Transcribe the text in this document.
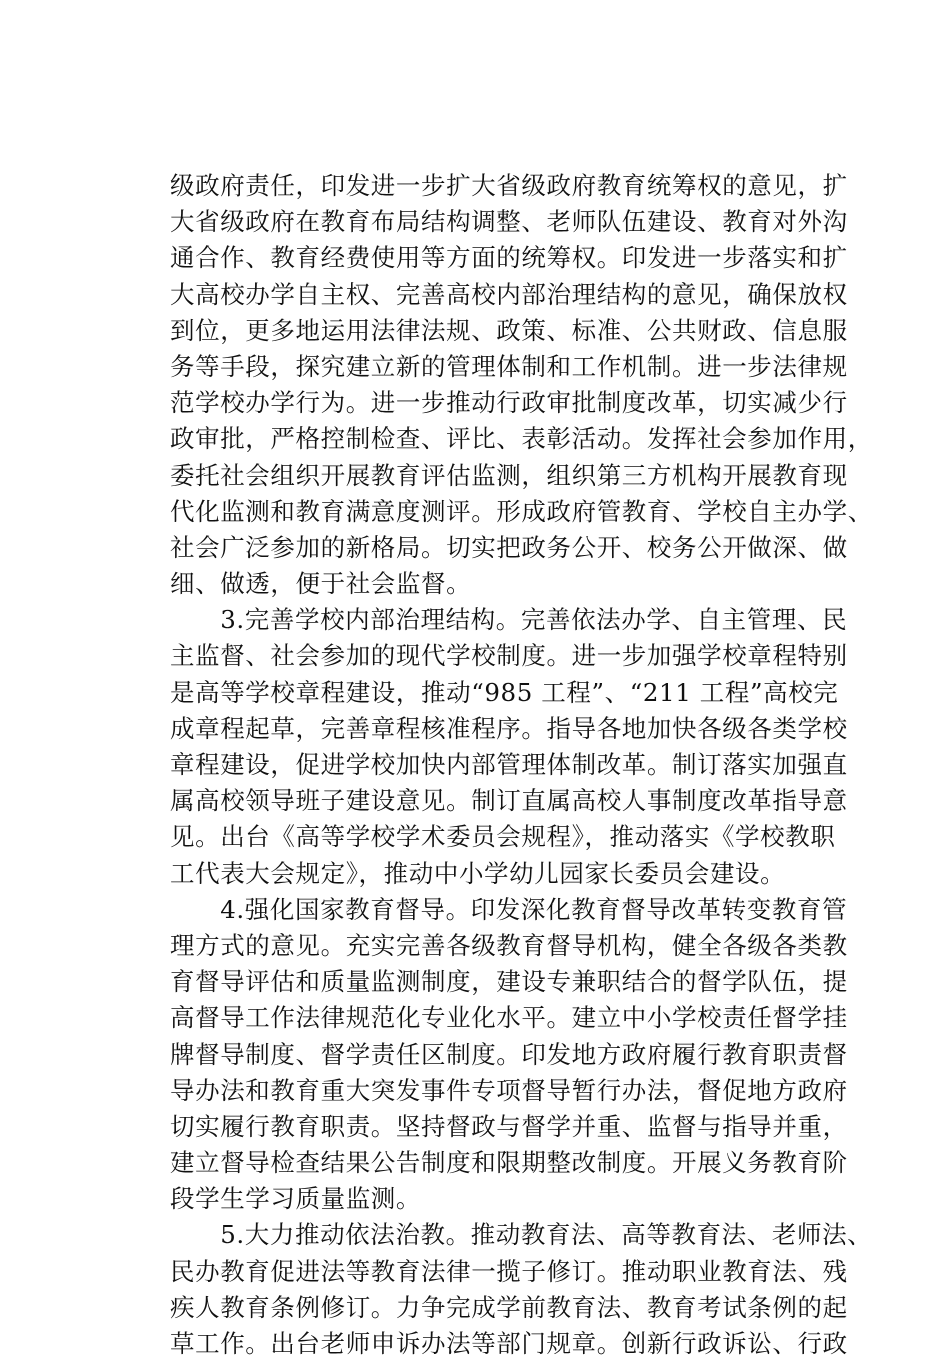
级政府责任，印发进一步扩大省级政府教育统筹权的意见，扩
大省级政府在教育布局结构调整、老师队伍建设、教育对外沟
通合作、教育经费使用等方面的统筹权。印发进一步落实和扩
大高校办学自主权、完善高校内部治理结构的意见，确保放权
到位，更多地运用法律法规、政策、标准、公共财政、信息服
务等手段，探究建立新的管理体制和工作机制。进一步法律规
范学校办学行为。进一步推动行政审批制度改革，切实减少行
政审批，严格控制检查、评比、表彰活动。发挥社会参加作用，
委托社会组织开展教育评估监测，组织第三方机构开展教育现
代化监测和教育满意度测评。形成政府管教育、学校自主办学、
社会广泛参加的新格局。切实把政务公开、校务公开做深、做
细、做透，便于社会监督。
　　3.完善学校内部治理结构。完善依法办学、自主管理、民
主监督、社会参加的现代学校制度。进一步加强学校章程特别
是高等学校章程建设，推动“985 工程”、“211 工程”高校完
成章程起草，完善章程核准程序。指导各地加快各级各类学校
章程建设，促进学校加快内部管理体制改革。制订落实加强直
属高校领导班子建设意见。制订直属高校人事制度改革指导意
见。出台《高等学校学术委员会规程》，推动落实《学校教职
工代表大会规定》，推动中小学幼儿园家长委员会建设。
　　4.强化国家教育督导。印发深化教育督导改革转变教育管
理方式的意见。充实完善各级教育督导机构，健全各级各类教
育督导评估和质量监测制度，建设专兼职结合的督学队伍，提
高督导工作法律规范化专业化水平。建立中小学校责任督学挂
牌督导制度、督学责任区制度。印发地方政府履行教育职责督
导办法和教育重大突发事件专项督导暂行办法，督促地方政府
切实履行教育职责。坚持督政与督学并重、监督与指导并重，
建立督导检查结果公告制度和限期整改制度。开展义务教育阶
段学生学习质量监测。
　　5.大力推动依法治教。推动教育法、高等教育法、老师法、
民办教育促进法等教育法律一揽子修订。推动职业教育法、残
疾人教育条例修订。力争完成学前教育法、教育考试条例的起
草工作。出台老师申诉办法等部门规章。创新行政诉讼、行政
